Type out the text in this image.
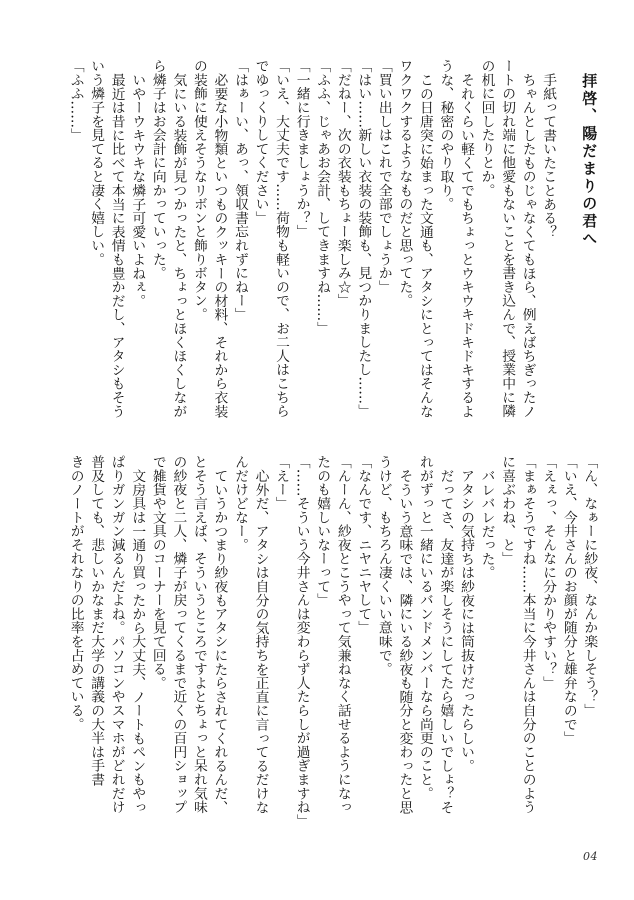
拝啓、陽だまりの君へ
手紙って書いたことある？
ちゃんとしたものじゃなくてもほら、例えばちぎったノ
ートの切れ端に他愛もないことを書き込んで、授業中に隣
の机に回したりとか。
それくらい軽くてでもちょっとウキウキドキドキするよ
うな、秘密のやり取り。
この日唐突に始まった文通も、アタシにとってはそんな
ワクワクするようなものだと思ってた。
「買い出しはこれで全部でしょうか」
「はい……新しい衣装の装飾も、見つかりましたし……」
「だねー、次の衣装もちょー楽しみ☆」
「ふふ、じゃあお会計、してきますね……」
「一緒に行きましょうか？」
「いえ、大丈夫です……荷物も軽いので、お二人はこちら
でゆっくりしてください」
「はぁーい、あっ、領収書忘れずにねー」
必要な小物類といつものクッキーの材料、それから衣装
の装飾に使えそうなリボンと飾りボタン。
気にいる装飾が見つかったと、ちょっとほくほくしなが
ら燐子はお会計に向かっていった。
いやーウキウキな燐子可愛いよねぇ。
最近は昔に比べて本当に表情も豊かだし、アタシもそう
いう燐子を見てると凄く嬉しい。
「ふふ……」
「ん、なぁーに紗夜、なんか楽しそう？」
「いえ、今井さんのお顔が随分と雄弁なので」
「えぇっ、そんなに分かりやすい？」
「まぁそうですね……本当に今井さんは自分のことのよう
に喜ぶわね、と」
バレバレだった。
アタシの気持ちは紗夜には筒抜けだったらしい。
だってさ、友達が楽しそうにしてたら嬉しいでしょ？そ
れがずっと一緒にいるバンドメンバーなら尚更のこと。
そういう意味では、隣にいる紗夜も随分と変わったと思
うけど、もちろん凄くいい意味で。
「なんです、ニヤニヤして」
「んーん、紗夜とこうやって気兼ねなく話せるようになっ
たのも嬉しいなーって」
「……そういう今井さんは変わらず人たらしが過ぎますね」
「えー」
心外だ、アタシは自分の気持ちを正直に言ってるだけな
んだけどなー。
ていうかつまり紗夜もアタシにたらされてくれるんだ、
とそう言えば、そういうところですよとちょっと呆れ気味
の紗夜と二人、燐子が戻ってくるまで近くの百円ショップ
で雑貨や文具のコーナーを見て回る。
文房具は一通り買ったから大丈夫、ノートもペンもやっ
ぱりガンガン減るんだよね。パソコンやスマホがどれだけ
普及しても、悲しいかなまだ大学の講義の大半は手書
きのノートがそれなりの比率を占めている。
04
